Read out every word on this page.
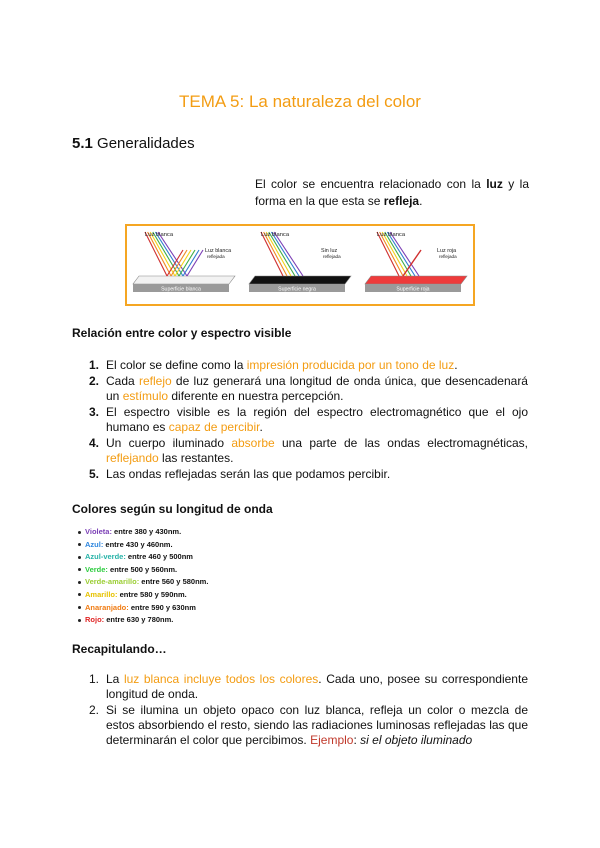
TEMA 5: La naturaleza del color
5.1 Generalidades
El color se encuentra relacionado con la luz y la forma en la que esta se refleja.
Superficie blanca
Luz blanca
Luz blanca
reflejada
Superficie negra
Luz blanca
Sin luz
reflejada
Superficie roja
Luz blanca
Luz roja
reflejada
Relación entre color y espectro visible
1. El color se define como la impresión producida por un tono de luz.
2. Cada reflejo de luz generará una longitud de onda única, que desencadenará un estímulo diferente en nuestra percepción.
3. El espectro visible es la región del espectro electromagnético que el ojo humano es capaz de percibir.
4. Un cuerpo iluminado absorbe una parte de las ondas electromagnéticas, reflejando las restantes.
5. Las ondas reflejadas serán las que podamos percibir.
Colores según su longitud de onda
Violeta: entre 380 y 430nm.
Azul: entre 430 y 460nm.
Azul-verde: entre 460 y 500nm
Verde: entre 500 y 560nm.
Verde-amarillo: entre 560 y 580nm.
Amarillo: entre 580 y 590nm.
Anaranjado: entre 590 y 630nm
Rojo: entre 630 y 780nm.
Recapitulando…
1. La luz blanca incluye todos los colores. Cada uno, posee su correspondiente longitud de onda.
2. Si se ilumina un objeto opaco con luz blanca, refleja un color o mezcla de estos absorbiendo el resto, siendo las radiaciones luminosas reflejadas las que determinarán el color que percibimos. Ejemplo: si el objeto iluminado
